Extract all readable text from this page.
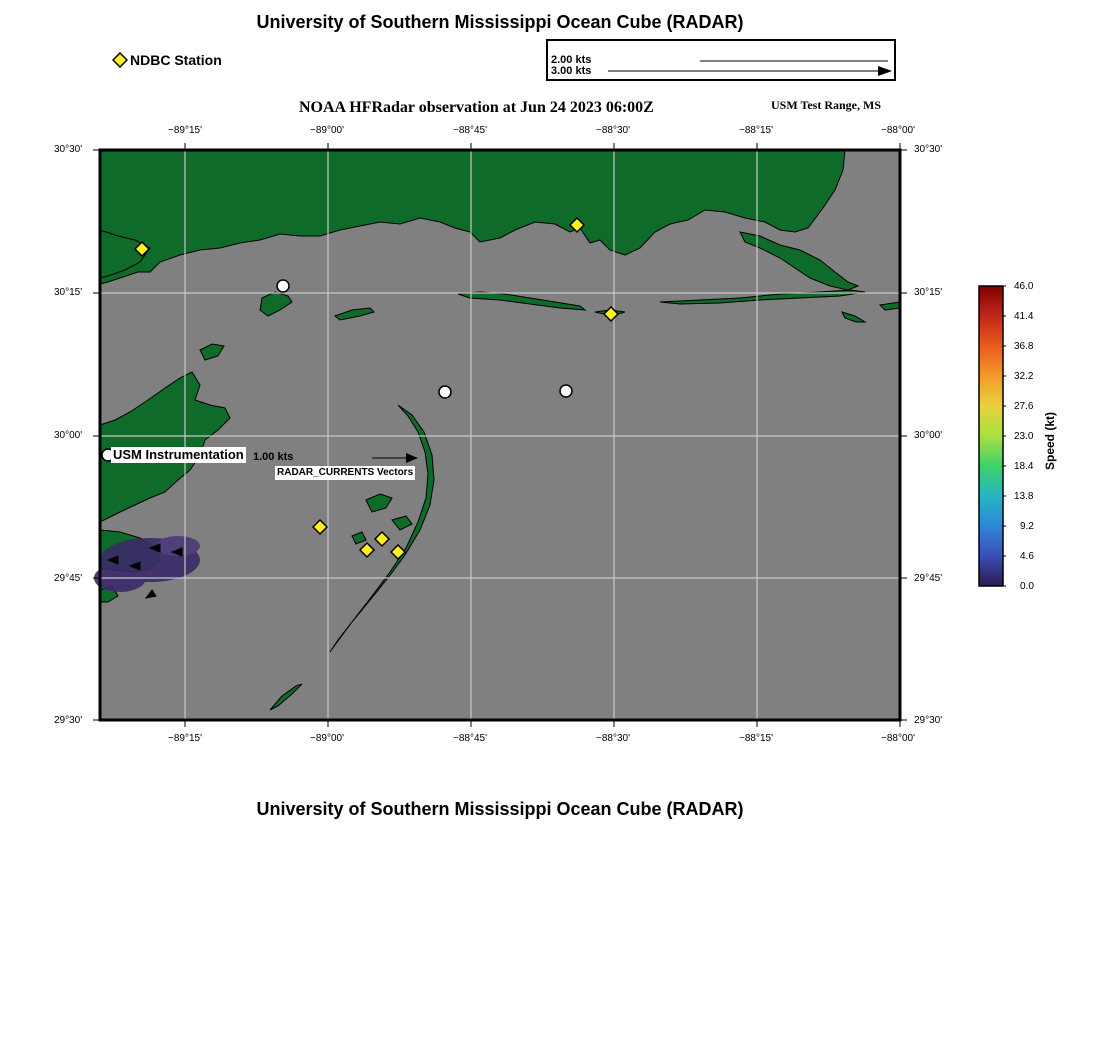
University of Southern Mississippi Ocean Cube (RADAR)
NDBC Station	2.00 kts
3.00 kts
NOAA HFRadar observation at Jun 24 2023 06:00Z	USM Test Range, MS
−89°15'	−89°00'	−88°45'	−88°30'	−88°15'	−88°00'
−89°15'	−89°00'	−88°45'	−88°30'	−88°15'	−88°00'
30°30'
30°15'
30°00'
29°45'
29°30'
30°30'
30°15'
30°00'
29°45'
29°30'
USM Instrumentation 1.00 kts
RADAR_CURRENTS Vectors
46.0
41.4
36.8
32.2
27.6
23.0
18.4
13.8
9.2
4.6
0.0
Speed (kt)
University of Southern Mississippi Ocean Cube (RADAR)
